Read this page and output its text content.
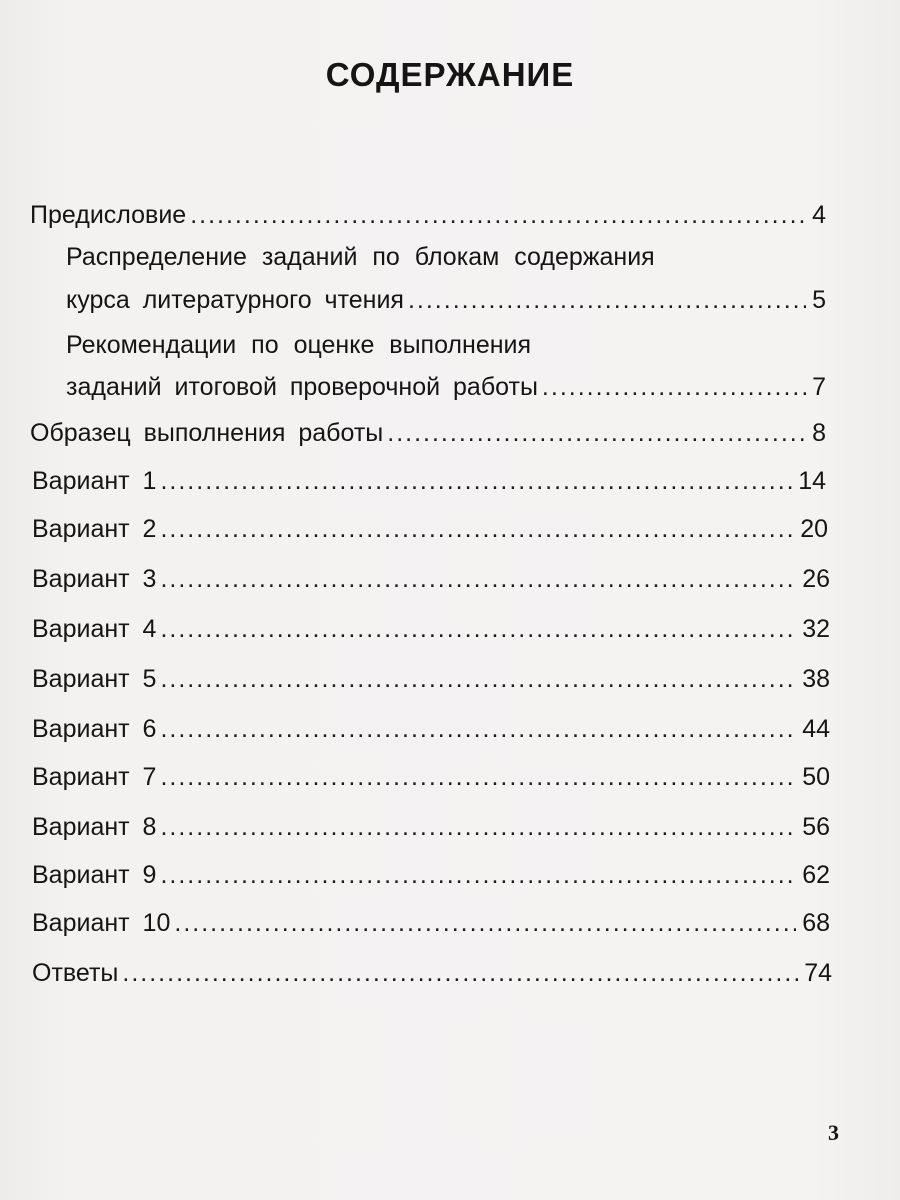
СОДЕРЖАНИЕ
Предисловие .....	4
Распределение заданий по блокам содержания
курса литературного чтения .....	5
Рекомендации по оценке выполнения
заданий итоговой проверочной работы .....	7
Образец выполнения работы .....	8
Вариант 1 .....	14
Вариант 2 .....	20
Вариант 3 .....	26
Вариант 4 .....	32
Вариант 5 .....	38
Вариант 6 .....	44
Вариант 7 .....	50
Вариант 8 .....	56
Вариант 9 .....	62
Вариант 10 .....	68
Ответы .....	74
3
